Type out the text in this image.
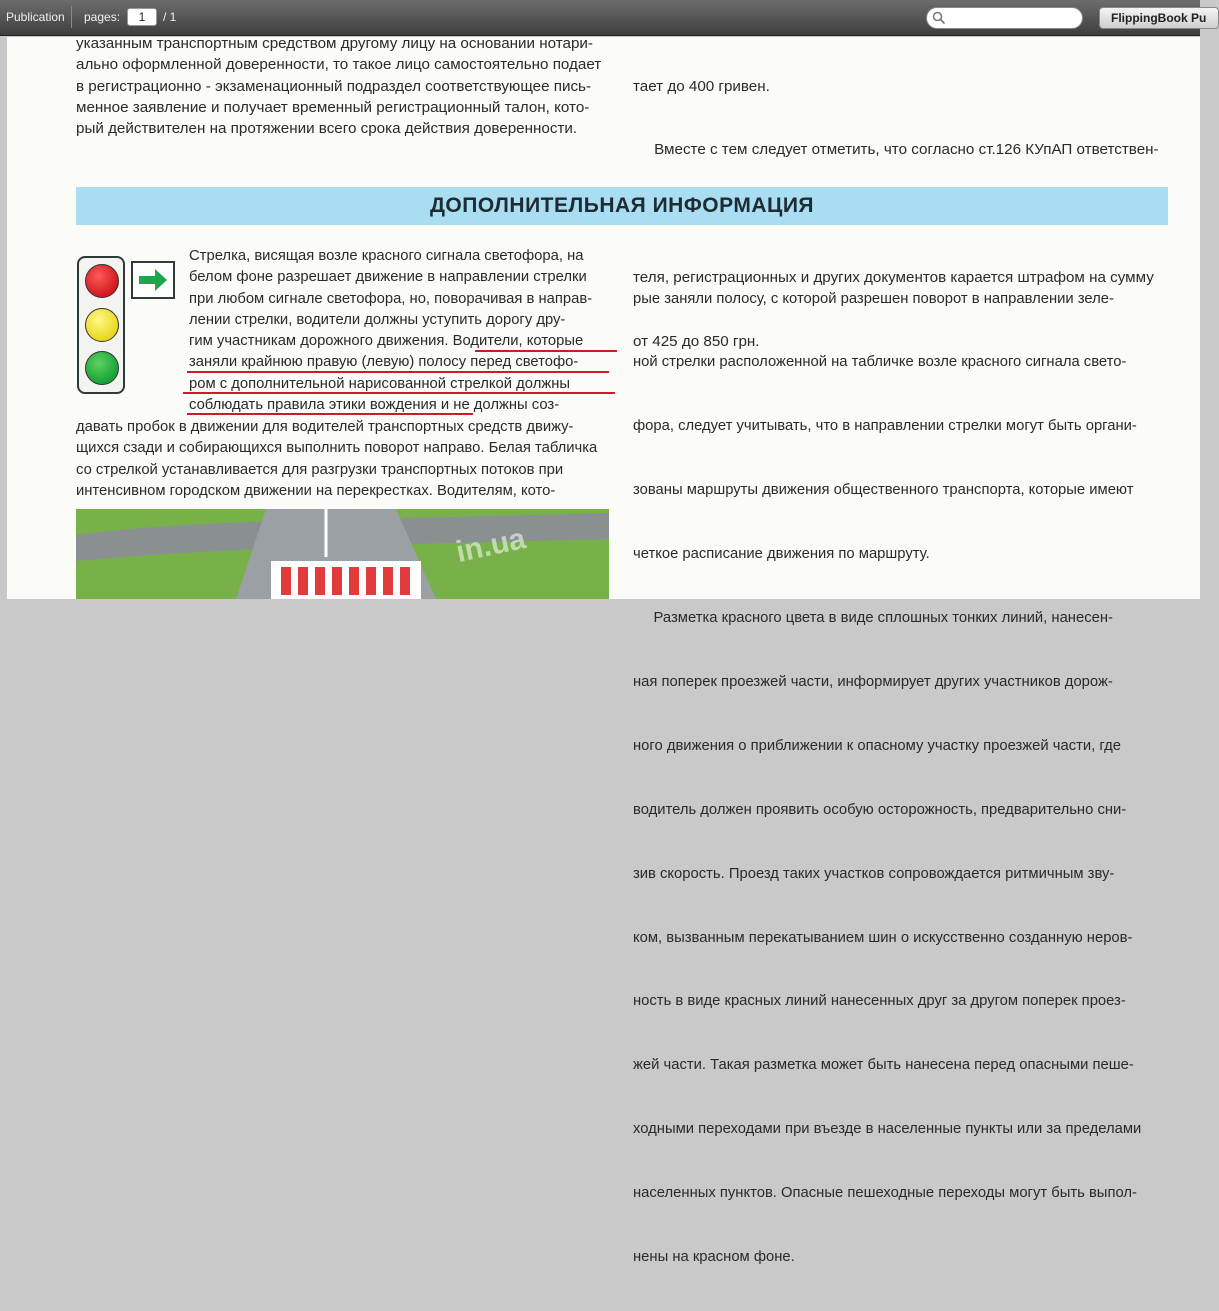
Publication pages:
1	/ 1	FlippingBook Pu
указанным транспортным средством другому лицу на основании нотари-
ально оформленной доверенности, то такое лицо самостоятельно подает
в регистрационно - экзаменационный подраздел соответствующее пись-
менное заявление и получает временный регистрационный талон, кото-
рый действителен на протяжении всего срока действия доверенности.

тает до 400 гривен.

Вместе с тем следует отметить, что согласно ст.126 КУпАП ответствен-

теля, регистрационных и других документов карается штрафом на сумму

от 425 до 850 грн.

ДОПОЛНИТЕЛЬНАЯ ИНФОРМАЦИЯ
Стрелка, висящая возле красного сигнала светофора, на
белом фоне разрешает движение в направлении стрелки
при любом сигнале светофора, но, поворачивая в направ-
лении стрелки, водители должны уступить дорогу дру-
гим участникам дорожного движения. Водители, которые
заняли крайнюю правую (левую) полосу перед светофо-
ром с дополнительной нарисованной стрелкой должны
соблюдать правила этики вождения и не должны соз-
давать пробок в движении для водителей транспортных средств движу-
щихся сзади и собирающихся выполнить поворот направо. Белая табличка
со стрелкой устанавливается для разгрузки транспортных потоков при
интенсивном городском движении на перекрестках. Водителям, кото-
in.ua

рые заняли полосу, с которой разрешен поворот в направлении зеле-

ной стрелки расположенной на табличке возле красного сигнала свето-

фора, следует учитывать, что в направлении стрелки могут быть органи-

зованы маршруты движения общественного транспорта, которые имеют

четкое расписание движения по маршруту.

Разметка красного цвета в виде сплошных тонких линий, нанесен-

ная поперек проезжей части, информирует других участников дорож-

ного движения о приближении к опасному участку проезжей части, где

водитель должен проявить особую осторожность, предварительно сни-

зив скорость. Проезд таких участков сопровождается ритмичным зву-

ком, вызванным перекатыванием шин о искусственно созданную неров-

ность в виде красных линий нанесенных друг за другом поперек проез-

жей части. Такая разметка может быть нанесена перед опасными пеше-

ходными переходами при въезде в населенные пункты или за пределами

населенных пунктов. Опасные пешеходные переходы могут быть выпол-

нены на красном фоне.
